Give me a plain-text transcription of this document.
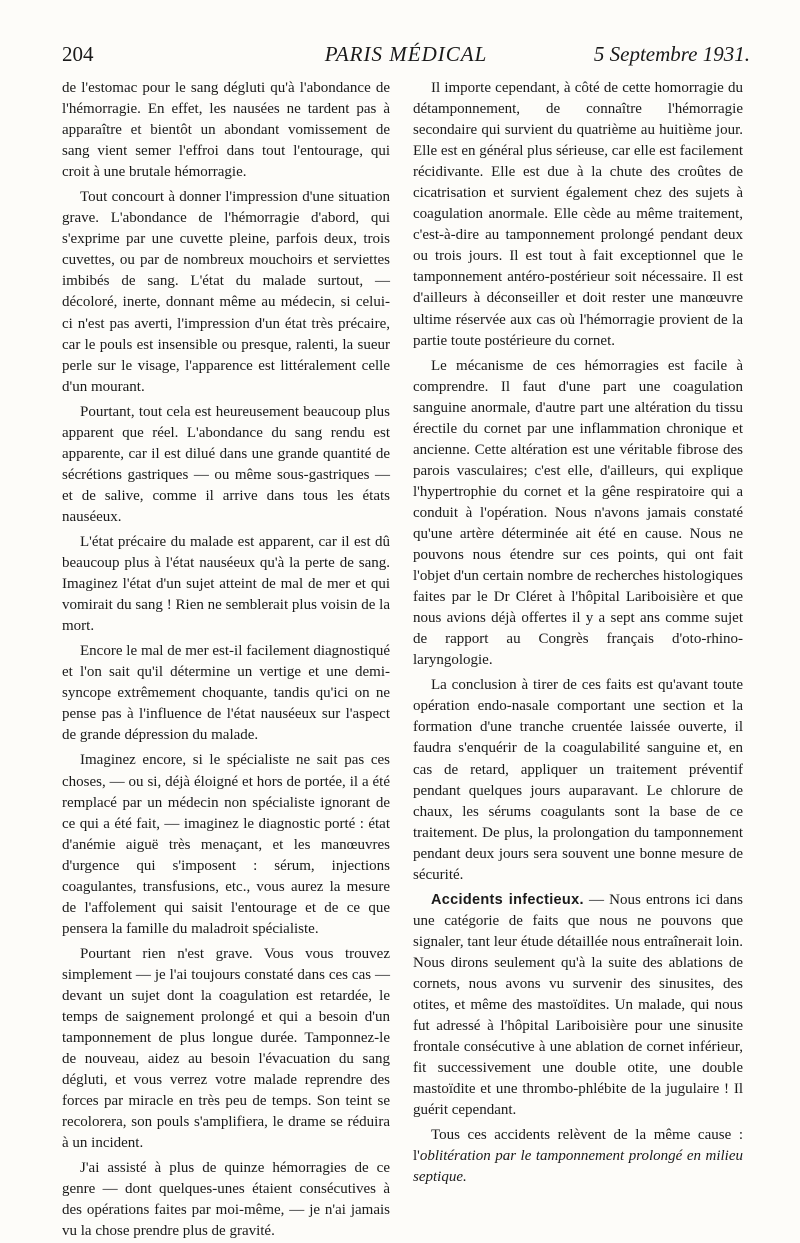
204	PARIS MÉDICAL	5 Septembre 1931.

de l'estomac pour le sang dégluti qu'à l'abondance de l'hémorragie. En effet, les nausées ne tardent pas à apparaître et bientôt un abondant vomissement de sang vient semer l'effroi dans tout l'entourage, qui croit à une brutale hémorragie.

Tout concourt à donner l'impression d'une situation grave. L'abondance de l'hémorragie d'abord, qui s'exprime par une cuvette pleine, parfois deux, trois cuvettes, ou par de nombreux mouchoirs et serviettes imbibés de sang. L'état du malade surtout, — décoloré, inerte, donnant même au médecin, si celui-ci n'est pas averti, l'impression d'un état très précaire, car le pouls est insensible ou presque, ralenti, la sueur perle sur le visage, l'apparence est littéralement celle d'un mourant.

Pourtant, tout cela est heureusement beaucoup plus apparent que réel. L'abondance du sang rendu est apparente, car il est dilué dans une grande quantité de sécrétions gastriques — ou même sous-gastriques — et de salive, comme il arrive dans tous les états nauséeux.

L'état précaire du malade est apparent, car il est dû beaucoup plus à l'état nauséeux qu'à la perte de sang. Imaginez l'état d'un sujet atteint de mal de mer et qui vomirait du sang ! Rien ne semblerait plus voisin de la mort.

Encore le mal de mer est-il facilement diagnostiqué et l'on sait qu'il détermine un vertige et une demi-syncope extrêmement choquante, tandis qu'ici on ne pense pas à l'influence de l'état nauséeux sur l'aspect de grande dépression du malade.

Imaginez encore, si le spécialiste ne sait pas ces choses, — ou si, déjà éloigné et hors de portée, il a été remplacé par un médecin non spécialiste ignorant de ce qui a été fait, — imaginez le diagnostic porté : état d'anémie aiguë très menaçant, et les manœuvres d'urgence qui s'imposent : sérum, injections coagulantes, transfusions, etc., vous aurez la mesure de l'affolement qui saisit l'entourage et de ce que pensera la famille du maladroit spécialiste.

Pourtant rien n'est grave. Vous vous trouvez simplement — je l'ai toujours constaté dans ces cas — devant un sujet dont la coagulation est retardée, le temps de saignement prolongé et qui a besoin d'un tamponnement de plus longue durée. Tamponnez-le de nouveau, aidez au besoin l'évacuation du sang dégluti, et vous verrez votre malade reprendre des forces par miracle en très peu de temps. Son teint se recolorera, son pouls s'amplifiera, le drame se réduira à un incident.

J'ai assisté à plus de quinze hémorragies de ce genre — dont quelques-unes étaient consécutives à des opérations faites par moi-même, — je n'ai jamais vu la chose prendre plus de gravité.

Il importe cependant, à côté de cette homorragie du détamponnement, de connaître l'hémorragie secondaire qui survient du quatrième au huitième jour. Elle est en général plus sérieuse, car elle est facilement récidivante. Elle est due à la chute des croûtes de cicatrisation et survient également chez des sujets à coagulation anormale. Elle cède au même traitement, c'est-à-dire au tamponnement prolongé pendant deux ou trois jours. Il est tout à fait exceptionnel que le tamponnement antéro-postérieur soit nécessaire. Il est d'ailleurs à déconseiller et doit rester une manœuvre ultime réservée aux cas où l'hémorragie provient de la partie toute postérieure du cornet.

Le mécanisme de ces hémorragies est facile à comprendre. Il faut d'une part une coagulation sanguine anormale, d'autre part une altération du tissu érectile du cornet par une inflammation chronique et ancienne. Cette altération est une véritable fibrose des parois vasculaires; c'est elle, d'ailleurs, qui explique l'hypertrophie du cornet et la gêne respiratoire qui a conduit à l'opération. Nous n'avons jamais constaté qu'une artère déterminée ait été en cause. Nous ne pouvons nous étendre sur ces points, qui ont fait l'objet d'un certain nombre de recherches histologiques faites par le Dr Cléret à l'hôpital Lariboisière et que nous avions déjà offertes il y a sept ans comme sujet de rapport au Congrès français d'oto-rhino-laryngologie.

La conclusion à tirer de ces faits est qu'avant toute opération endo-nasale comportant une section et la formation d'une tranche cruentée laissée ouverte, il faudra s'enquérir de la coagulabilité sanguine et, en cas de retard, appliquer un traitement préventif pendant quelques jours auparavant. Le chlorure de chaux, les sérums coagulants sont la base de ce traitement. De plus, la prolongation du tamponnement pendant deux jours sera souvent une bonne mesure de sécurité.

Accidents infectieux. — Nous entrons ici dans une catégorie de faits que nous ne pouvons que signaler, tant leur étude détaillée nous entraînerait loin. Nous dirons seulement qu'à la suite des ablations de cornets, nous avons vu survenir des sinusites, des otites, et même des mastoïdites. Un malade, qui nous fut adressé à l'hôpital Lariboisière pour une sinusite frontale consécutive à une ablation de cornet inférieur, fit successivement une double otite, une double mastoïdite et une thrombo-phlébite de la jugulaire ! Il guérit cependant.

Tous ces accidents relèvent de la même cause : l'oblitération par le tamponnement prolongé en milieu septique.
